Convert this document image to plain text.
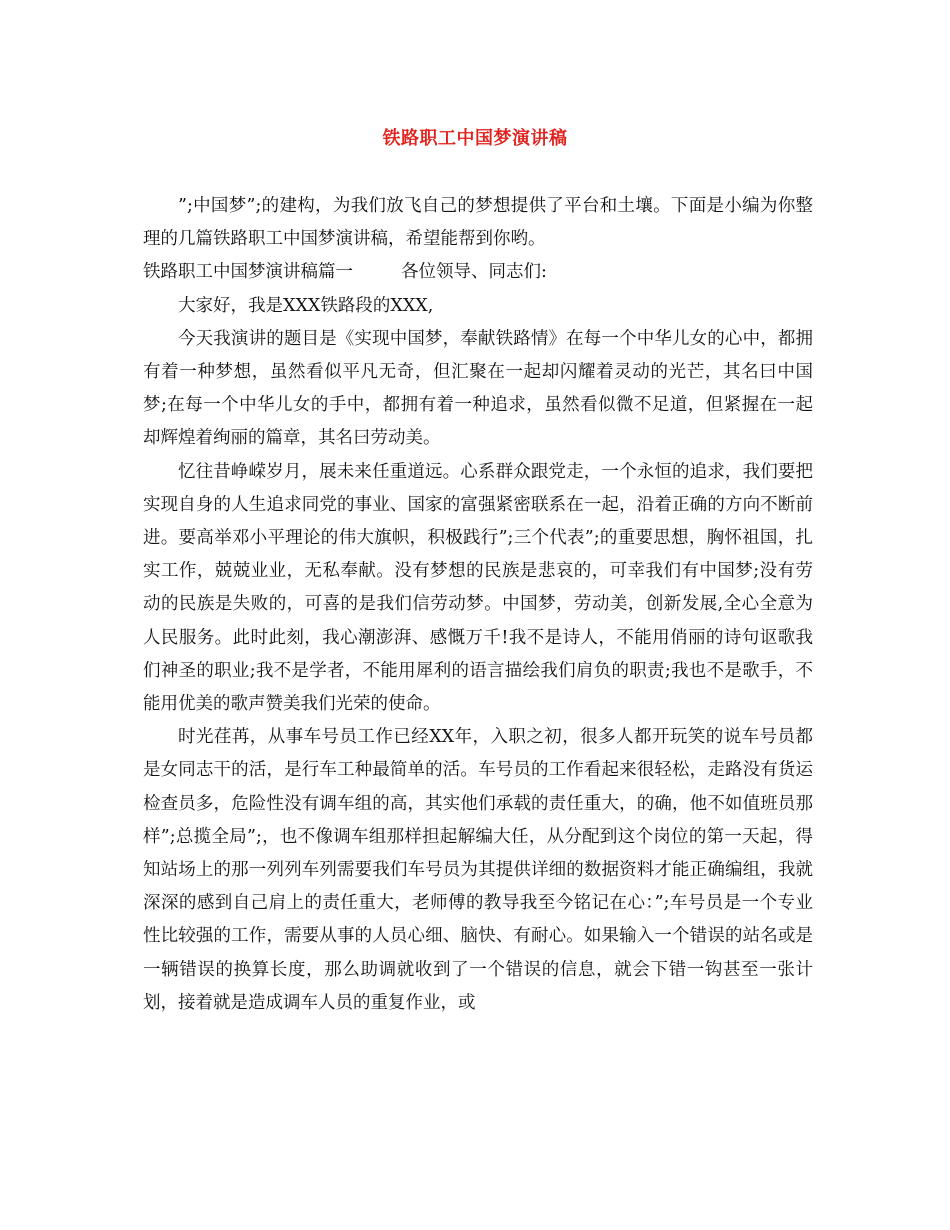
铁路职工中国梦演讲稿

”;中国梦”;的建构，为我们放飞自己的梦想提供了平台和土壤。下面是小编为你整理的几篇铁路职工中国梦演讲稿，希望能帮到你哟。

铁路职工中国梦演讲稿篇一	各位领导、同志们:

大家好，我是XXX铁路段的XXX,

今天我演讲的题目是《实现中国梦，奉献铁路情》在每一个中华儿女的心中，都拥有着一种梦想，虽然看似平凡无奇，但汇聚在一起却闪耀着灵动的光芒，其名曰中国梦;在每一个中华儿女的手中，都拥有着一种追求，虽然看似微不足道，但紧握在一起却辉煌着绚丽的篇章，其名曰劳动美。

忆往昔峥嵘岁月，展未来任重道远。心系群众跟党走，一个永恒的追求，我们要把实现自身的人生追求同党的事业、国家的富强紧密联系在一起，沿着正确的方向不断前进。要高举邓小平理论的伟大旗帜，积极践行”;三个代表”;的重要思想，胸怀祖国，扎实工作，兢兢业业，无私奉献。没有梦想的民族是悲哀的，可幸我们有中国梦;没有劳动的民族是失败的，可喜的是我们信劳动梦。中国梦，劳动美，创新发展,全心全意为人民服务。此时此刻，我心潮澎湃、感慨万千!我不是诗人，不能用俏丽的诗句讴歌我们神圣的职业;我不是学者，不能用犀利的语言描绘我们肩负的职责;我也不是歌手，不能用优美的歌声赞美我们光荣的使命。

时光荏苒，从事车号员工作已经XX年，入职之初，很多人都开玩笑的说车号员都是女同志干的活，是行车工种最简单的活。车号员的工作看起来很轻松，走路没有货运检查员多，危险性没有调车组的高，其实他们承载的责任重大，的确，他不如值班员那样”;总揽全局”;，也不像调车组那样担起解编大任，从分配到这个岗位的第一天起，得知站场上的那一列列车列需要我们车号员为其提供详细的数据资料才能正确编组，我就深深的感到自己肩上的责任重大，老师傅的教导我至今铭记在心：”;车号员是一个专业性比较强的工作，需要从事的人员心细、脑快、有耐心。如果输入一个错误的站名或是一辆错误的换算长度，那么助调就收到了一个错误的信息，就会下错一钩甚至一张计划，接着就是造成调车人员的重复作业，或
